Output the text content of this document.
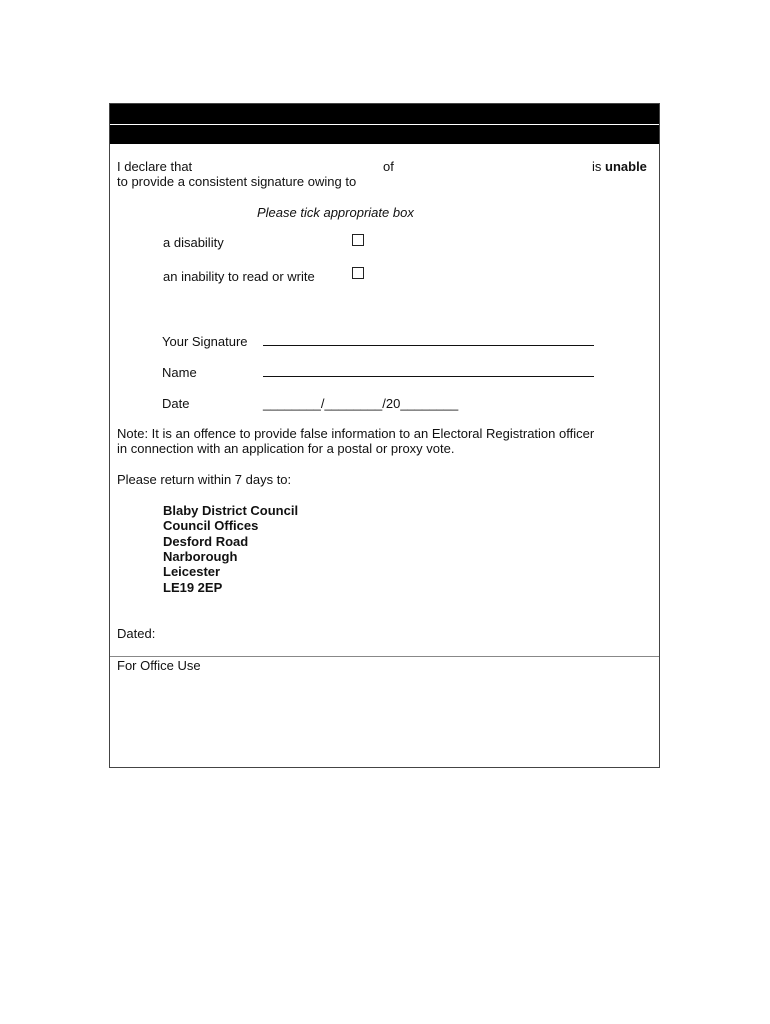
I declare that	of	is unable
to provide a consistent signature owing to
Please tick appropriate box
a disability
an inability to read or write
Your Signature
Name
Date	________/________/20________
Note: It is an offence to provide false information to an Electoral Registration officer
in connection with an application for a postal or proxy vote.
Please return within 7 days to:
Blaby District Council
Council Offices
Desford Road
Narborough
Leicester
LE19 2EP
Dated:
For Office Use
